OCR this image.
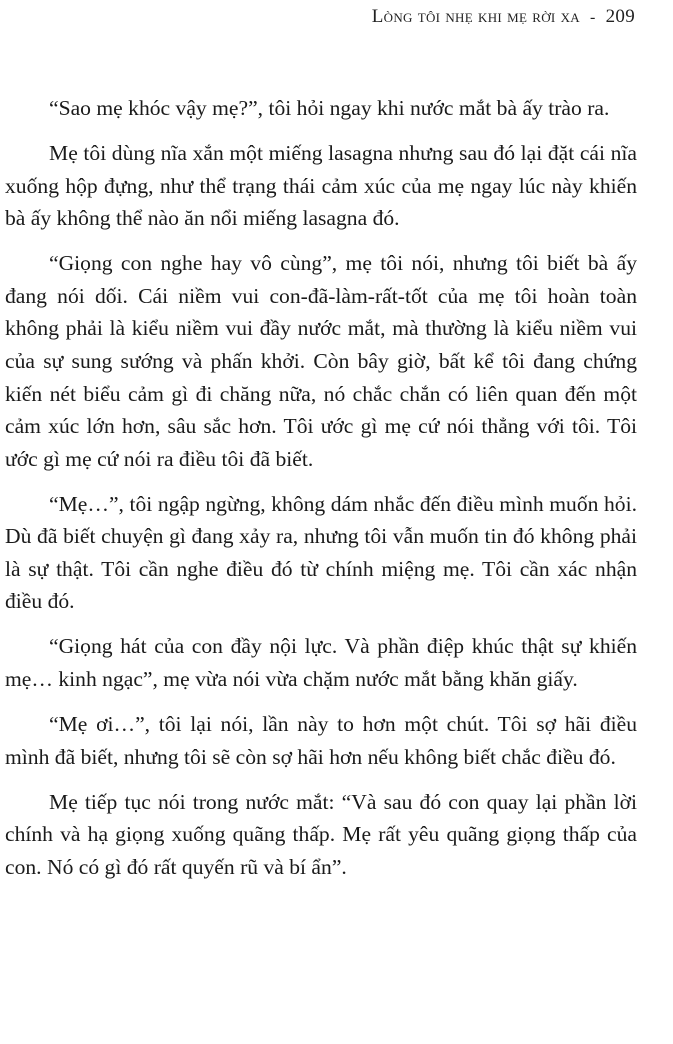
Lòng tôi nhẹ khi mẹ rời xa - 209

“Sao mẹ khóc vậy mẹ?”, tôi hỏi ngay khi nước mắt bà ấy trào ra.

Mẹ tôi dùng nĩa xắn một miếng lasagna nhưng sau đó lại đặt cái nĩa xuống hộp đựng, như thể trạng thái cảm xúc của mẹ ngay lúc này khiến bà ấy không thể nào ăn nổi miếng lasagna đó.

“Giọng con nghe hay vô cùng”, mẹ tôi nói, nhưng tôi biết bà ấy đang nói dối. Cái niềm vui con-đã-làm-rất-tốt của mẹ tôi hoàn toàn không phải là kiểu niềm vui đầy nước mắt, mà thường là kiểu niềm vui của sự sung sướng và phấn khởi. Còn bây giờ, bất kể tôi đang chứng kiến nét biểu cảm gì đi chăng nữa, nó chắc chắn có liên quan đến một cảm xúc lớn hơn, sâu sắc hơn. Tôi ước gì mẹ cứ nói thẳng với tôi. Tôi ước gì mẹ cứ nói ra điều tôi đã biết.

“Mẹ…”, tôi ngập ngừng, không dám nhắc đến điều mình muốn hỏi. Dù đã biết chuyện gì đang xảy ra, nhưng tôi vẫn muốn tin đó không phải là sự thật. Tôi cần nghe điều đó từ chính miệng mẹ. Tôi cần xác nhận điều đó.

“Giọng hát của con đầy nội lực. Và phần điệp khúc thật sự khiến mẹ… kinh ngạc”, mẹ vừa nói vừa chặm nước mắt bằng khăn giấy.

“Mẹ ơi…”, tôi lại nói, lần này to hơn một chút. Tôi sợ hãi điều mình đã biết, nhưng tôi sẽ còn sợ hãi hơn nếu không biết chắc điều đó.

Mẹ tiếp tục nói trong nước mắt: “Và sau đó con quay lại phần lời chính và hạ giọng xuống quãng thấp. Mẹ rất yêu quãng giọng thấp của con. Nó có gì đó rất quyến rũ và bí ẩn”.
